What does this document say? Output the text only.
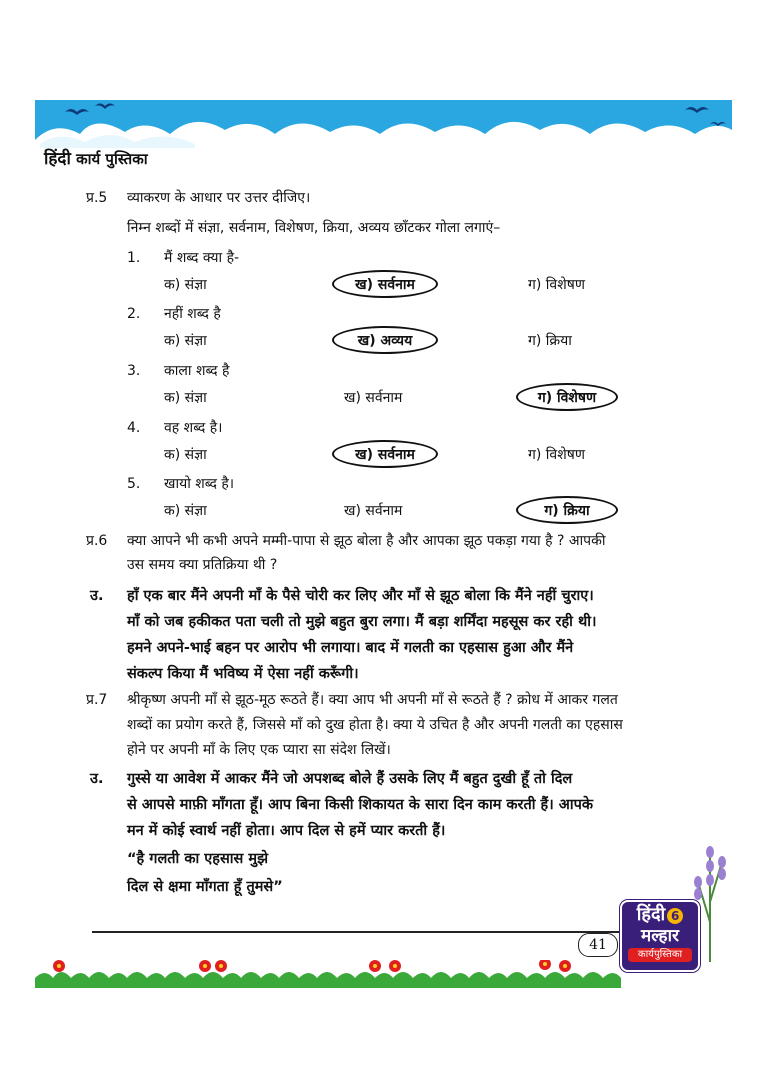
हिंदी कार्य पुस्तिका
प्र.5 व्याकरण के आधार पर उत्तर दीजिए।
निम्न शब्दों में संज्ञा, सर्वनाम, विशेषण, क्रिया, अव्यय छाँटकर गोला लगाएं–
1. मैं शब्द क्या है-
क) संज्ञा	ख) सर्वनाम	ग) विशेषण
2. नहीं शब्द है
क) संज्ञा	ख) अव्यय	ग) क्रिया
3. काला शब्द है
क) संज्ञा	ख) सर्वनाम	ग) विशेषण
4. वह शब्द है।
क) संज्ञा	ख) सर्वनाम	ग) विशेषण
5. खायो शब्द है।
क) संज्ञा	ख) सर्वनाम	ग) क्रिया
प्र.6 क्या आपने भी कभी अपने मम्मी-पापा से झूठ बोला है और आपका झूठ पकड़ा गया है ? आपकी
उस समय क्या प्रतिक्रिया थी ?
उ. हाँ एक बार मैंने अपनी माँ के पैसे चोरी कर लिए और माँ से झूठ बोला कि मैंने नहीं चुराए।
माँ को जब हकीकत पता चली तो मुझे बहुत बुरा लगा। मैं बड़ा शर्मिंदा महसूस कर रही थी।
हमने अपने-भाई बहन पर आरोप भी लगाया। बाद में गलती का एहसास हुआ और मैंने
संकल्प किया मैं भविष्य में ऐसा नहीं करूँगी।
प्र.7 श्रीकृष्ण अपनी माँ से झूठ-मूठ रूठते हैं। क्या आप भी अपनी माँ से रूठते हैं ? क्रोध में आकर गलत
शब्दों का प्रयोग करते हैं, जिससे माँ को दुख होता है। क्या ये उचित है और अपनी गलती का एहसास
होने पर अपनी माँ के लिए एक प्यारा सा संदेश लिखें।
उ. गुस्से या आवेश में आकर मैंने जो अपशब्द बोले हैं उसके लिए मैं बहुत दुखी हूँ तो दिल
से आपसे माफ़ी माँगता हूँ। आप बिना किसी शिकायत के सारा दिन काम करती हैं। आपके
मन में कोई स्वार्थ नहीं होता। आप दिल से हमें प्यार करती हैं।
“है गलती का एहसास मुझे
दिल से क्षमा माँगता हूँ तुमसे”
41
हिंदी 6
मल्हार
कार्यपुस्तिका
